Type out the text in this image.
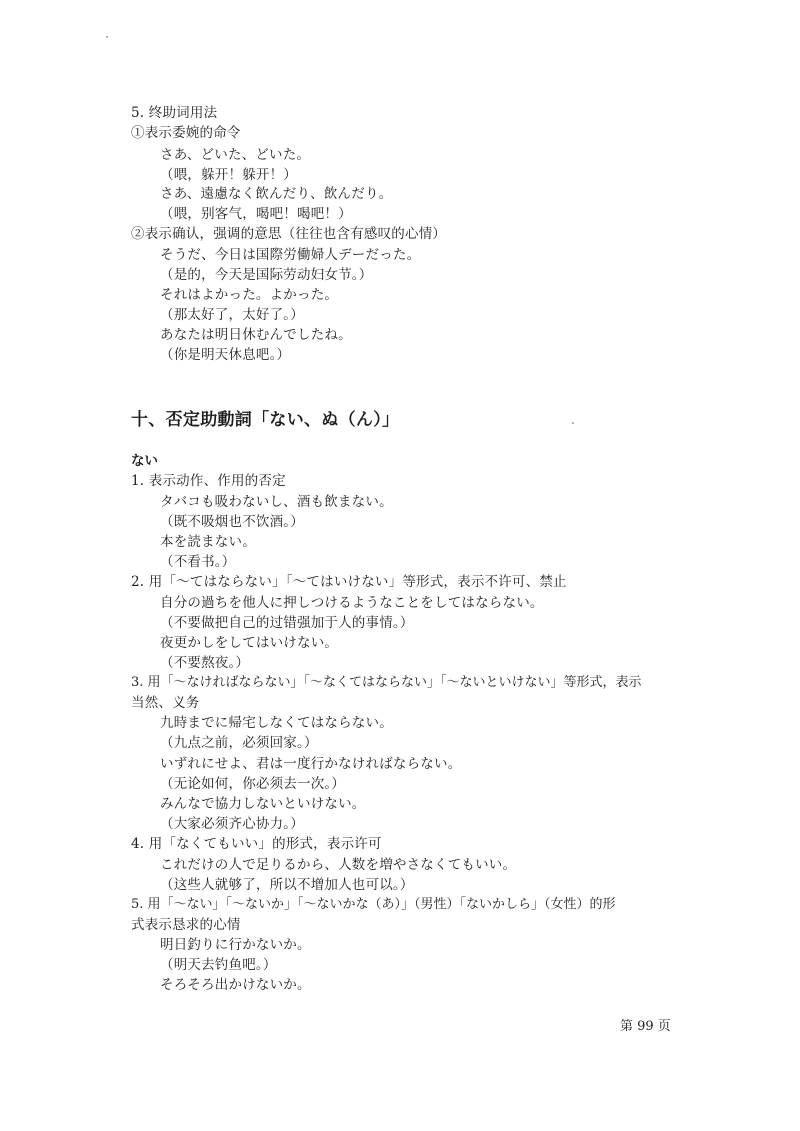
5. 终助词用法
①表示委婉的命令
さあ、どいた、どいた。
（喂，躲开！躲开！）
さあ、遠慮なく飲んだり、飲んだり。
（喂，别客气，喝吧！喝吧！）
②表示确认，强调的意思（往往也含有感叹的心情）
そうだ、今日は国際労働婦人デーだった。
（是的，今天是国际劳动妇女节。）
それはよかった。よかった。
（那太好了，太好了。）
あなたは明日休むんでしたね。
（你是明天休息吧。）
十、否定助動詞「ない、ぬ（ん）」
ない
1. 表示动作、作用的否定
タバコも吸わないし、酒も飲まない。
（既不吸烟也不饮酒。）
本を読まない。
（不看书。）
2. 用「～てはならない」「～てはいけない」等形式，表示不许可、禁止
自分の過ちを他人に押しつけるようなことをしてはならない。
（不要做把自己的过错强加于人的事情。）
夜更かしをしてはいけない。
（不要熬夜。）
3. 用「～なければならない」「～なくてはならない」「～ないといけない」等形式，表示
当然、义务
九時までに帰宅しなくてはならない。
（九点之前，必须回家。）
いずれにせよ、君は一度行かなければならない。
（无论如何，你必须去一次。）
みんなで協力しないといけない。
（大家必须齐心协力。）
4. 用「なくてもいい」的形式，表示许可
これだけの人で足りるから、人数を増やさなくてもいい。
（这些人就够了，所以不增加人也可以。）
5. 用「～ない」「～ないか」「～ないかな（あ）」（男性）「ないかしら」（女性）的形
式表示恳求的心情
明日釣りに行かないか。
（明天去钓鱼吧。）
そろそろ出かけないか。
第 99 页
